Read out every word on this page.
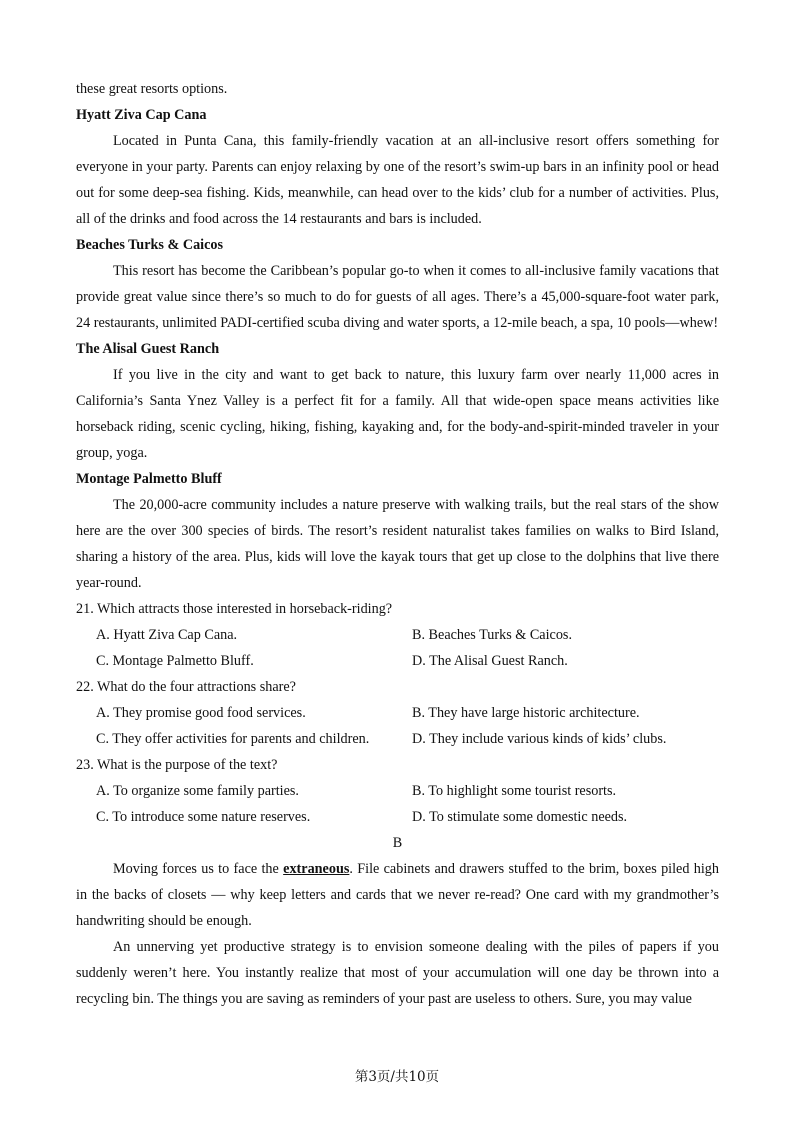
these great resorts options.

Hyatt Ziva Cap Cana

Located in Punta Cana, this family-friendly vacation at an all-inclusive resort offers something for everyone in your party. Parents can enjoy relaxing by one of the resort’s swim-up bars in an infinity pool or head out for some deep-sea fishing. Kids, meanwhile, can head over to the kids’ club for a number of activities. Plus, all of the drinks and food across the 14 restaurants and bars is included.

Beaches Turks & Caicos

This resort has become the Caribbean’s popular go-to when it comes to all-inclusive family vacations that provide great value since there’s so much to do for guests of all ages. There’s a 45,000-square-foot water park, 24 restaurants, unlimited PADI-certified scuba diving and water sports, a 12-mile beach, a spa, 10 pools—whew!

The Alisal Guest Ranch

If you live in the city and want to get back to nature, this luxury farm over nearly 11,000 acres in California’s Santa Ynez Valley is a perfect fit for a family. All that wide-open space means activities like horseback riding, scenic cycling, hiking, fishing, kayaking and, for the body-and-spirit-minded traveler in your group, yoga.

Montage Palmetto Bluff

The 20,000-acre community includes a nature preserve with walking trails, but the real stars of the show here are the over 300 species of birds. The resort’s resident naturalist takes families on walks to Bird Island, sharing a history of the area. Plus, kids will love the kayak tours that get up close to the dolphins that live there year-round.

21. Which attracts those interested in horseback-riding?

A. Hyatt Ziva Cap Cana.	B. Beaches Turks & Caicos.
C. Montage Palmetto Bluff.	D. The Alisal Guest Ranch.

22. What do the four attractions share?

A. They promise good food services.	B. They have large historic architecture.
C. They offer activities for parents and children.	D. They include various kinds of kids’ clubs.

23. What is the purpose of the text?

A. To organize some family parties.	B. To highlight some tourist resorts.
C. To introduce some nature reserves.	D. To stimulate some domestic needs.

B

Moving forces us to face the extraneous. File cabinets and drawers stuffed to the brim, boxes piled high in the backs of closets — why keep letters and cards that we never re-read? One card with my grandmother’s handwriting should be enough.

An unnerving yet productive strategy is to envision someone dealing with the piles of papers if you suddenly weren’t here. You instantly realize that most of your accumulation will one day be thrown into a recycling bin. The things you are saving as reminders of your past are useless to others. Sure, you may value

第3页/共10页
